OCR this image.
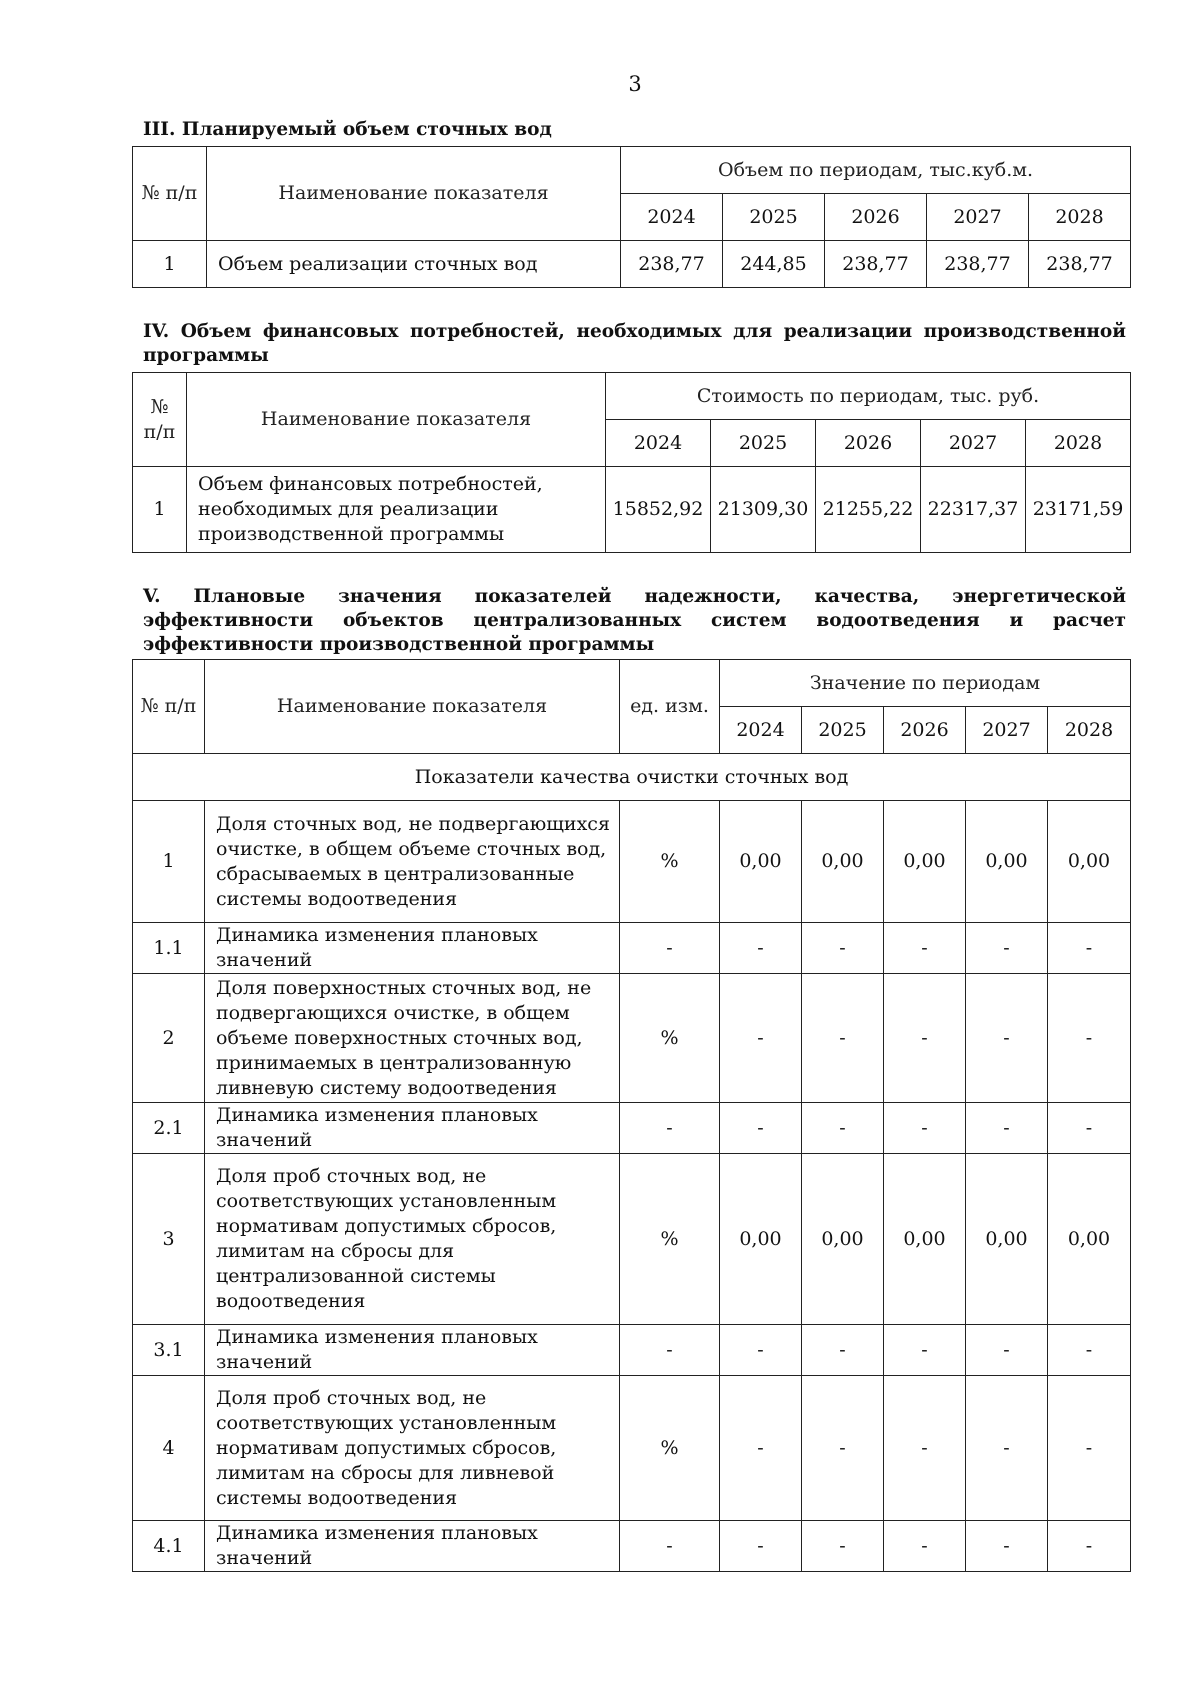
3
III. Планируемый объем сточных вод
№ п/п	Наименование показателя	Объем по периодам, тыс.куб.м.				
		2024	2025	2026	2027	2028
1	Объем реализации сточных вод	238,77	244,85	238,77	238,77	238,77
IV. Объем финансовых потребностей, необходимых для реализации производственной программы
№ п/п	Наименование показателя	Стоимость по периодам, тыс. руб.				
		2024	2025	2026	2027	2028
1	Объем финансовых потребностей, необходимых для реализации производственной программы	15852,92	21309,30	21255,22	22317,37	23171,59
V. Плановые значения показателей надежности, качества, энергетической эффективности объектов централизованных систем водоотведения и расчет эффективности производственной программы
№ п/п	Наименование показателя	ед. изм.	Значение по периодам				
			2024	2025	2026	2027	2028
Показатели качества очистки сточных вод							
1	Доля сточных вод, не подвергающихся очистке, в общем объеме сточных вод, сбрасываемых в централизованные системы водоотведения	%	0,00	0,00	0,00	0,00	0,00
1.1	Динамика изменения плановых значений	-	-	-	-	-	-
2	Доля поверхностных сточных вод, не подвергающихся очистке, в общем объеме поверхностных сточных вод, принимаемых в централизованную ливневую систему водоотведения	%	-	-	-	-	-
2.1	Динамика изменения плановых значений	-	-	-	-	-	-
3	Доля проб сточных вод, не соответствующих установленным нормативам допустимых сбросов, лимитам на сбросы для централизованной системы водоотведения	%	0,00	0,00	0,00	0,00	0,00
3.1	Динамика изменения плановых значений	-	-	-	-	-	-
4	Доля проб сточных вод, не соответствующих установленным нормативам допустимых сбросов, лимитам на сбросы для ливневой системы водоотведения	%	-	-	-	-	-
4.1	Динамика изменения плановых значений	-	-	-	-	-	-
